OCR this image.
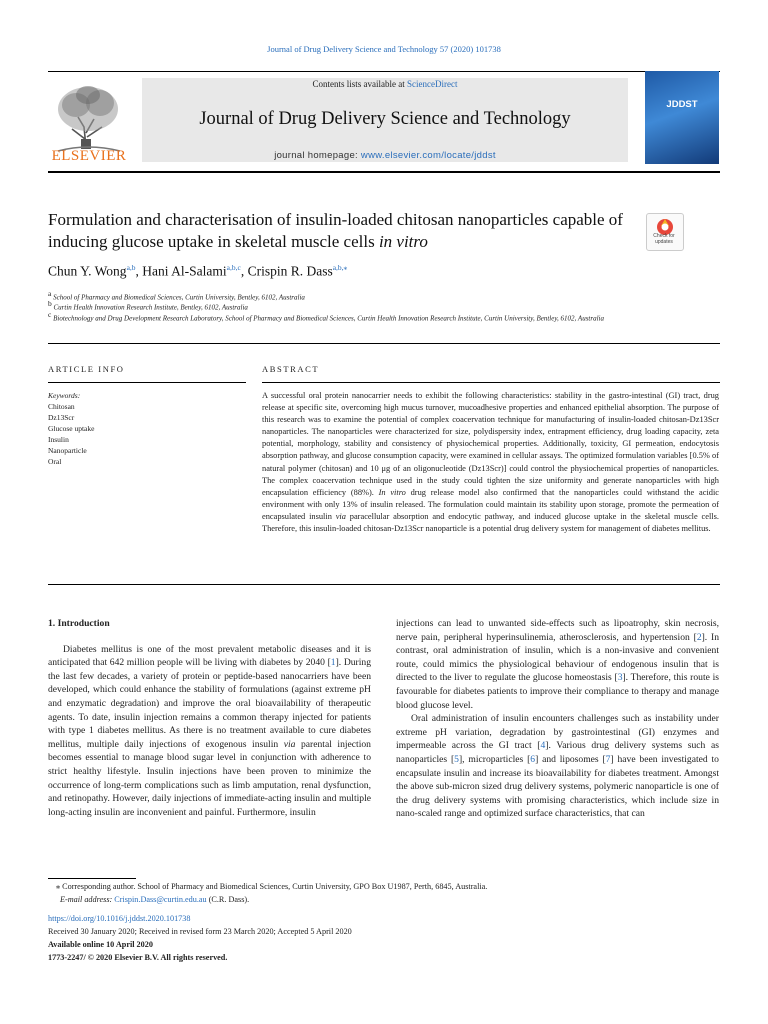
Journal of Drug Delivery Science and Technology 57 (2020) 101738
ELSEVIER
Contents lists available at ScienceDirect
Journal of Drug Delivery Science and Technology
journal homepage: www.elsevier.com/locate/jddst
JDDST
Formulation and characterisation of insulin-loaded chitosan nanoparticles capable of inducing glucose uptake in skeletal muscle cells in vitro	Check for updates
Chun Y. Wong$^{a,b}$, Hani Al-Salami$^{a,b,c}$, Crispin R. Dass$^{a,b,⁎}$
$^a$ School of Pharmacy and Biomedical Sciences, Curtin University, Bentley, 6102, Australia
$^b$ Curtin Health Innovation Research Institute, Bentley, 6102, Australia
$^c$ Biotechnology and Drug Development Research Laboratory, School of Pharmacy and Biomedical Sciences, Curtin Health Innovation Research Institute, Curtin University, Bentley, 6102, Australia
ARTICLE INFO	ABSTRACT
Keywords:
Chitosan
Dz13Scr
Glucose uptake
Insulin
Nanoparticle
Oral
A successful oral protein nanocarrier needs to exhibit the following characteristics: stability in the gastro-intestinal (GI) tract, drug release at specific site, overcoming high mucus turnover, mucoadhesive properties and enhanced epithelial absorption. The purpose of this research was to examine the potential of complex coacervation technique for manufacturing of insulin-loaded chitosan-Dz13Scr nanoparticles. The nanoparticles were characterized for size, polydispersity index, entrapment efficiency, drug loading capacity, zeta potential, morphology, stability and consistency of physiochemical properties. Additionally, toxicity, GI permeation, endocytosis absorption pathway, and glucose consumption capacity, were examined in cellular assays. The optimized formulation variables [0.5% of natural polymer (chitosan) and 10 μg of an oligonucleotide (Dz13Scr)] could control the physiochemical properties of nanoparticles. The complex coacervation technique used in the study could tighten the size uniformity and generate nanoparticles with high encapsulation efficiency (88%). In vitro drug release model also confirmed that the nanoparticles could withstand the acidic environment with only 13% of insulin released. The formulation could maintain its stability upon storage, promote the permeation of encapsulated insulin via paracellular absorption and endocytic pathway, and induced glucose uptake in the skeletal muscle cells. Therefore, this insulin-loaded chitosan-Dz13Scr nanoparticle is a potential drug delivery system for management of diabetes mellitus.
1. Introduction

Diabetes mellitus is one of the most prevalent metabolic diseases and it is anticipated that 642 million people will be living with diabetes by 2040 [1]. During the last few decades, a variety of protein or peptide-based nanocarriers have been developed, which could enhance the stability of formulations (against extreme pH and enzymatic degradation) and improve the oral bioavailability of therapeutic agents. To date, insulin injection remains a common therapy injected for patients with type 1 diabetes mellitus. As there is no treatment available to cure diabetes mellitus, multiple daily injections of exogenous insulin via parental injection becomes essential to manage blood sugar level in conjunction with adherence to strict healthy lifestyle. Insulin injections have been proven to minimize the occurrence of long-term complications such as limb amputation, renal dysfunction, and retinopathy. However, daily injections of immediate-acting insulin and multiple long-acting insulin are inconvenient and painful. Furthermore, insulin

injections can lead to unwanted side-effects such as lipoatrophy, skin necrosis, nerve pain, peripheral hyperinsulinemia, atherosclerosis, and hypertension [2]. In contrast, oral administration of insulin, which is a non-invasive and convenient route, could mimics the physiological behaviour of endogenous insulin that is directed to the liver to regulate the glucose homeostasis [3]. Therefore, this route is favourable for diabetes patients to improve their compliance to therapy and manage blood glucose level.

Oral administration of insulin encounters challenges such as instability under extreme pH variation, degradation by gastrointestinal (GI) enzymes and impermeable across the GI tract [4]. Various drug delivery systems such as nanoparticles [5], microparticles [6] and liposomes [7] have been investigated to encapsulate insulin and increase its bioavailability for diabetes treatment. Amongst the above sub-micron sized drug delivery systems, polymeric nanoparticle is one of the drug delivery systems with promising characteristics, which include size in nano-scaled range and optimized surface characteristics, that can

⁎ Corresponding author. School of Pharmacy and Biomedical Sciences, Curtin University, GPO Box U1987, Perth, 6845, Australia.
E-mail address: Crispin.Dass@curtin.edu.au (C.R. Dass).
https://doi.org/10.1016/j.jddst.2020.101738
Received 30 January 2020; Received in revised form 23 March 2020; Accepted 5 April 2020
Available online 10 April 2020
1773-2247/ © 2020 Elsevier B.V. All rights reserved.
